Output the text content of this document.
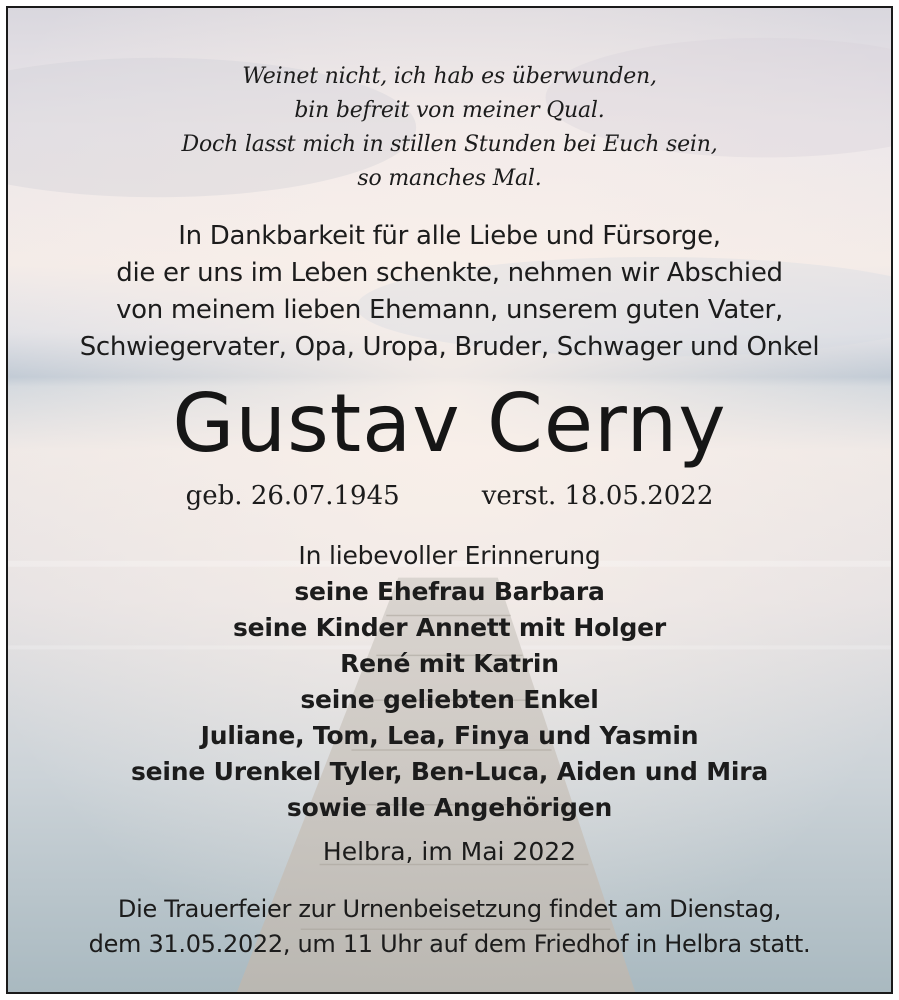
Weinet nicht, ich hab es überwunden,
bin befreit von meiner Qual.
Doch lasst mich in stillen Stunden bei Euch sein,
so manches Mal.
In Dankbarkeit für alle Liebe und Fürsorge,
die er uns im Leben schenkte, nehmen wir Abschied
von meinem lieben Ehemann, unserem guten Vater,
Schwiegervater, Opa, Uropa, Bruder, Schwager und Onkel
Gustav Cerny
geb. 26.07.1945	verst. 18.05.2022
In liebevoller Erinnerung
seine Ehefrau Barbara
seine Kinder Annett mit Holger
René mit Katrin
seine geliebten Enkel
Juliane, Tom, Lea, Finya und Yasmin
seine Urenkel Tyler, Ben-Luca, Aiden und Mira
sowie alle Angehörigen
Helbra, im Mai 2022
Die Trauerfeier zur Urnenbeisetzung findet am Dienstag,
dem 31.05.2022, um 11 Uhr auf dem Friedhof in Helbra statt.
